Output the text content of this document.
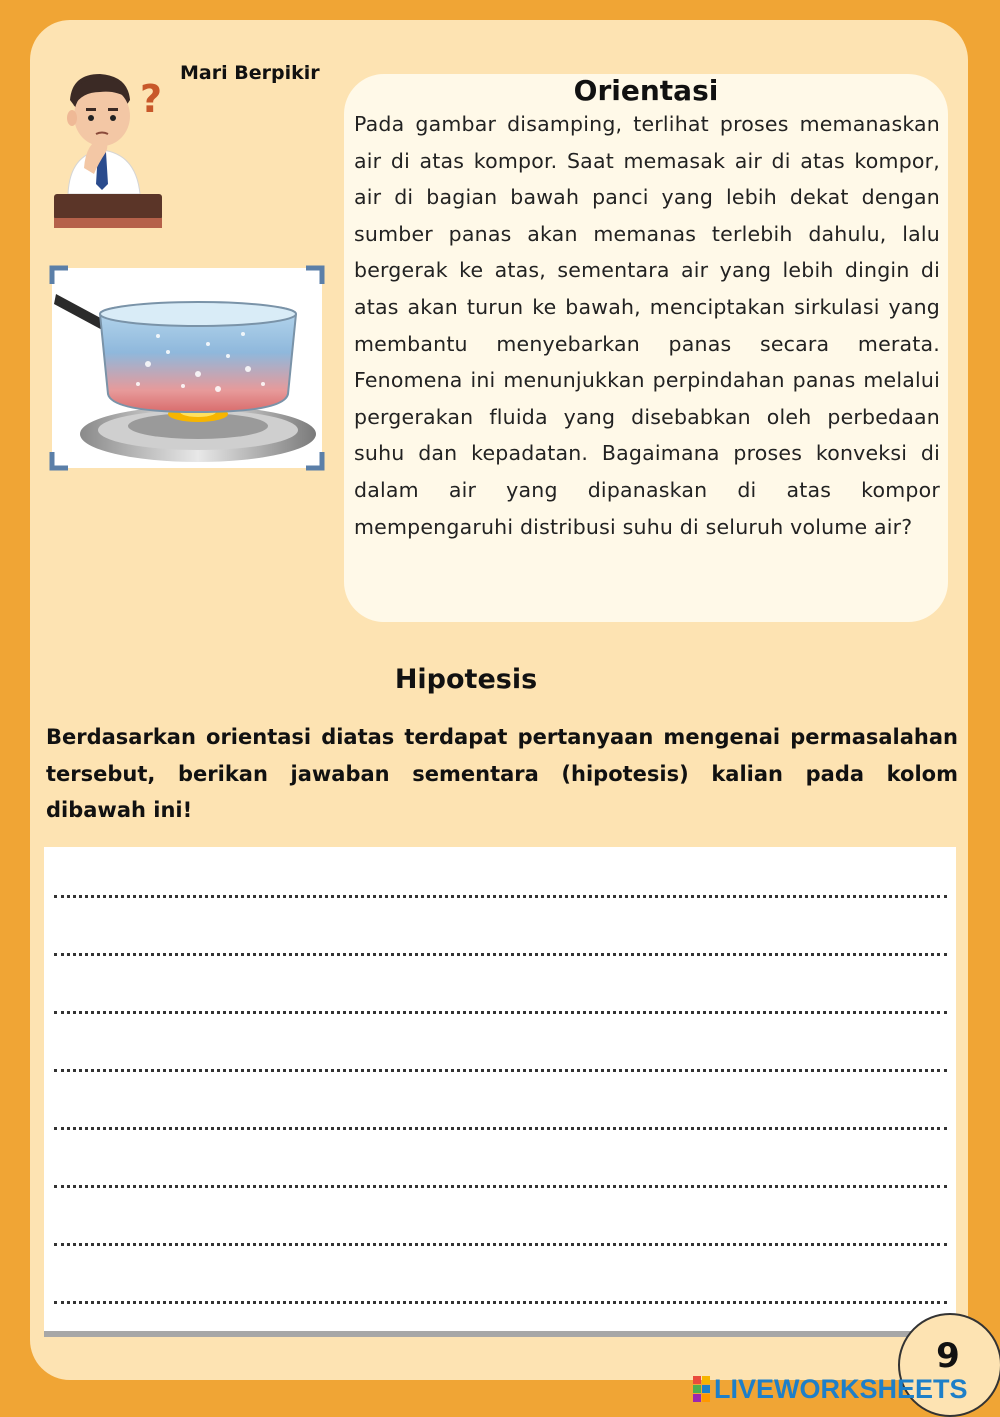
?
Mari Berpikir
Orientasi
Pada gambar disamping, terlihat proses memanaskan air di atas kompor. Saat memasak air di atas kompor, air di bagian bawah panci yang lebih dekat dengan sumber panas akan memanas terlebih dahulu, lalu bergerak ke atas, sementara air yang lebih dingin di atas akan turun ke bawah, menciptakan sirkulasi yang membantu menyebarkan panas secara merata. Fenomena ini menunjukkan perpindahan panas melalui pergerakan fluida yang disebabkan oleh perbedaan suhu dan kepadatan. Bagaimana proses konveksi di dalam air yang dipanaskan di atas kompor mempengaruhi distribusi suhu di seluruh volume air?
Hipotesis
Berdasarkan orientasi diatas terdapat pertanyaan mengenai permasalahan tersebut, berikan jawaban sementara (hipotesis) kalian pada kolom dibawah ini!
9
LIVEWORKSHEETS
